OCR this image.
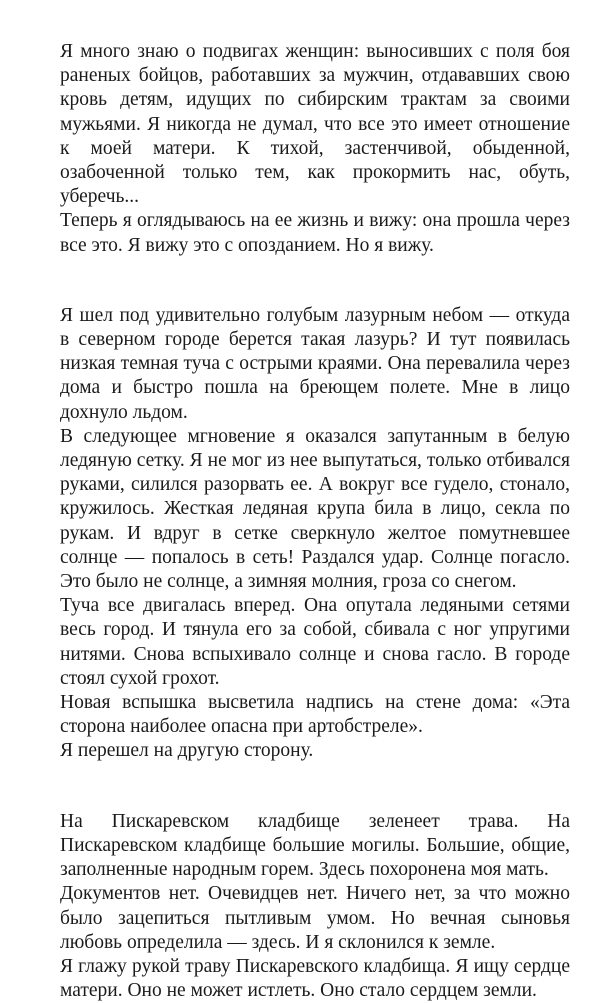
Я много знаю о подвигах женщин: выносивших с поля боя раненых бойцов, работавших за мужчин, отдававших свою кровь детям, идущих по сибирским трактам за своими мужьями. Я никогда не думал, что все это имеет отношение к моей матери. К тихой, застенчивой, обыденной, озабоченной только тем, как прокормить нас, обуть, уберечь...

Теперь я оглядываюсь на ее жизнь и вижу: она прошла через все это. Я вижу это с опозданием. Но я вижу.

Я шел под удивительно голубым лазурным небом — откуда в северном городе берется такая лазурь? И тут появилась низкая темная туча с острыми краями. Она перевалила через дома и быстро пошла на бреющем полете. Мне в лицо дохнуло льдом.

В следующее мгновение я оказался запутанным в белую ледяную сетку. Я не мог из нее выпутаться, только отбивался руками, силился разорвать ее. А вокруг все гудело, стонало, кружилось. Жесткая ледяная крупа била в лицо, секла по рукам. И вдруг в сетке сверкнуло желтое помутневшее солнце — попалось в сеть! Раздался удар. Солнце погасло. Это было не солнце, а зимняя молния, гроза со снегом.

Туча все двигалась вперед. Она опутала ледяными сетями весь город. И тянула его за собой, сбивала с ног упругими нитями. Снова вспыхивало солнце и снова гасло. В городе стоял сухой грохот.

Новая вспышка высветила надпись на стене дома: «Эта сторона наиболее опасна при артобстреле».

Я перешел на другую сторону.

На Пискаревском кладбище зеленеет трава. На Пискаревском кладбище большие могилы. Большие, общие, заполненные народным горем. Здесь похоронена моя мать.

Документов нет. Очевидцев нет. Ничего нет, за что можно было зацепиться пытливым умом. Но вечная сыновья любовь определила — здесь. И я склонился к земле.

Я глажу рукой траву Пискаревского кладбища. Я ищу сердце матери. Оно не может истлеть. Оно стало сердцем земли.
